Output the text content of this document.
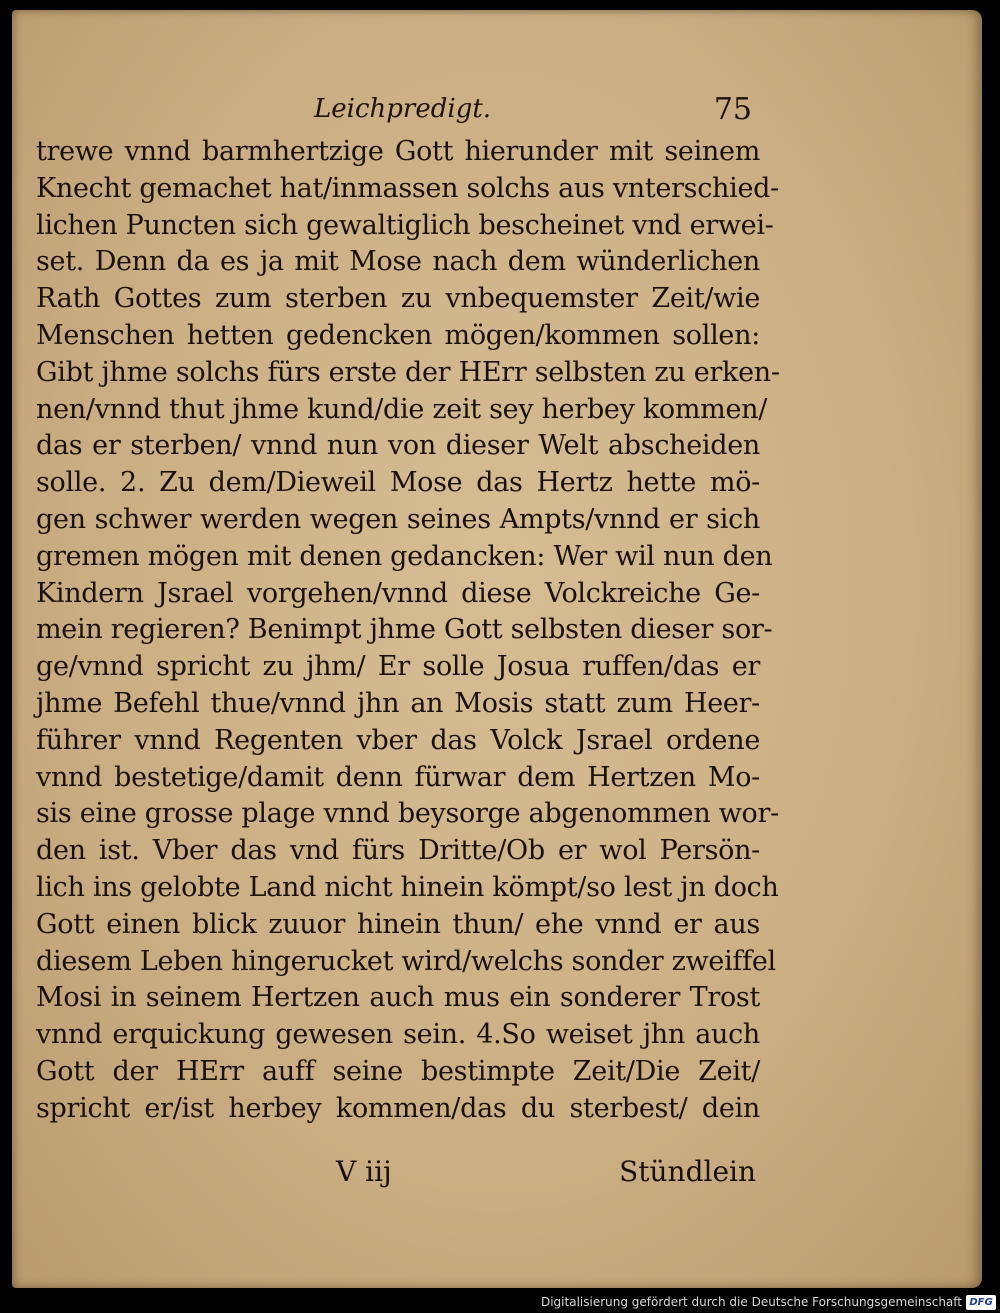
Leichpredigt.	75
trewe vnnd barmhertzige Gott hierunder mit seinem
Knecht gemachet hat/inmassen solchs aus vnterschied-
lichen Puncten sich gewaltiglich bescheinet vnd erwei-
set. Denn da es ja mit Mose nach dem wünderlichen
Rath Gottes zum sterben zu vnbequemster Zeit/wie
Menschen hetten gedencken mögen/kommen sollen:
Gibt jhme solchs fürs erste der HErr selbsten zu erken-
nen/vnnd thut jhme kund/die zeit sey herbey kommen/
das er sterben/ vnnd nun von dieser Welt abscheiden
solle. 2. Zu dem/Dieweil Mose das Hertz hette mö-
gen schwer werden wegen seines Ampts/vnnd er sich
gremen mögen mit denen gedancken: Wer wil nun den
Kindern Jsrael vorgehen/vnnd diese Volckreiche Ge-
mein regieren? Benimpt jhme Gott selbsten dieser sor-
ge/vnnd spricht zu jhm/ Er solle Josua ruffen/das er
jhme Befehl thue/vnnd jhn an Mosis statt zum Heer-
führer vnnd Regenten vber das Volck Jsrael ordene
vnnd bestetige/damit denn fürwar dem Hertzen Mo-
sis eine grosse plage vnnd beysorge abgenommen wor-
den ist. Vber das vnd fürs Dritte/Ob er wol Persön-
lich ins gelobte Land nicht hinein kömpt/so lest jn doch
Gott einen blick zuuor hinein thun/ ehe vnnd er aus
diesem Leben hingerucket wird/welchs sonder zweiffel
Mosi in seinem Hertzen auch mus ein sonderer Trost
vnnd erquickung gewesen sein. 4.So weiset jhn auch
Gott der HErr auff seine bestimpte Zeit/Die Zeit/
spricht er/ist herbey kommen/das du sterbest/ dein
V iij	Stündlein
Digitalisierung gefördert durch die Deutsche Forschungsgemeinschaft DFG
